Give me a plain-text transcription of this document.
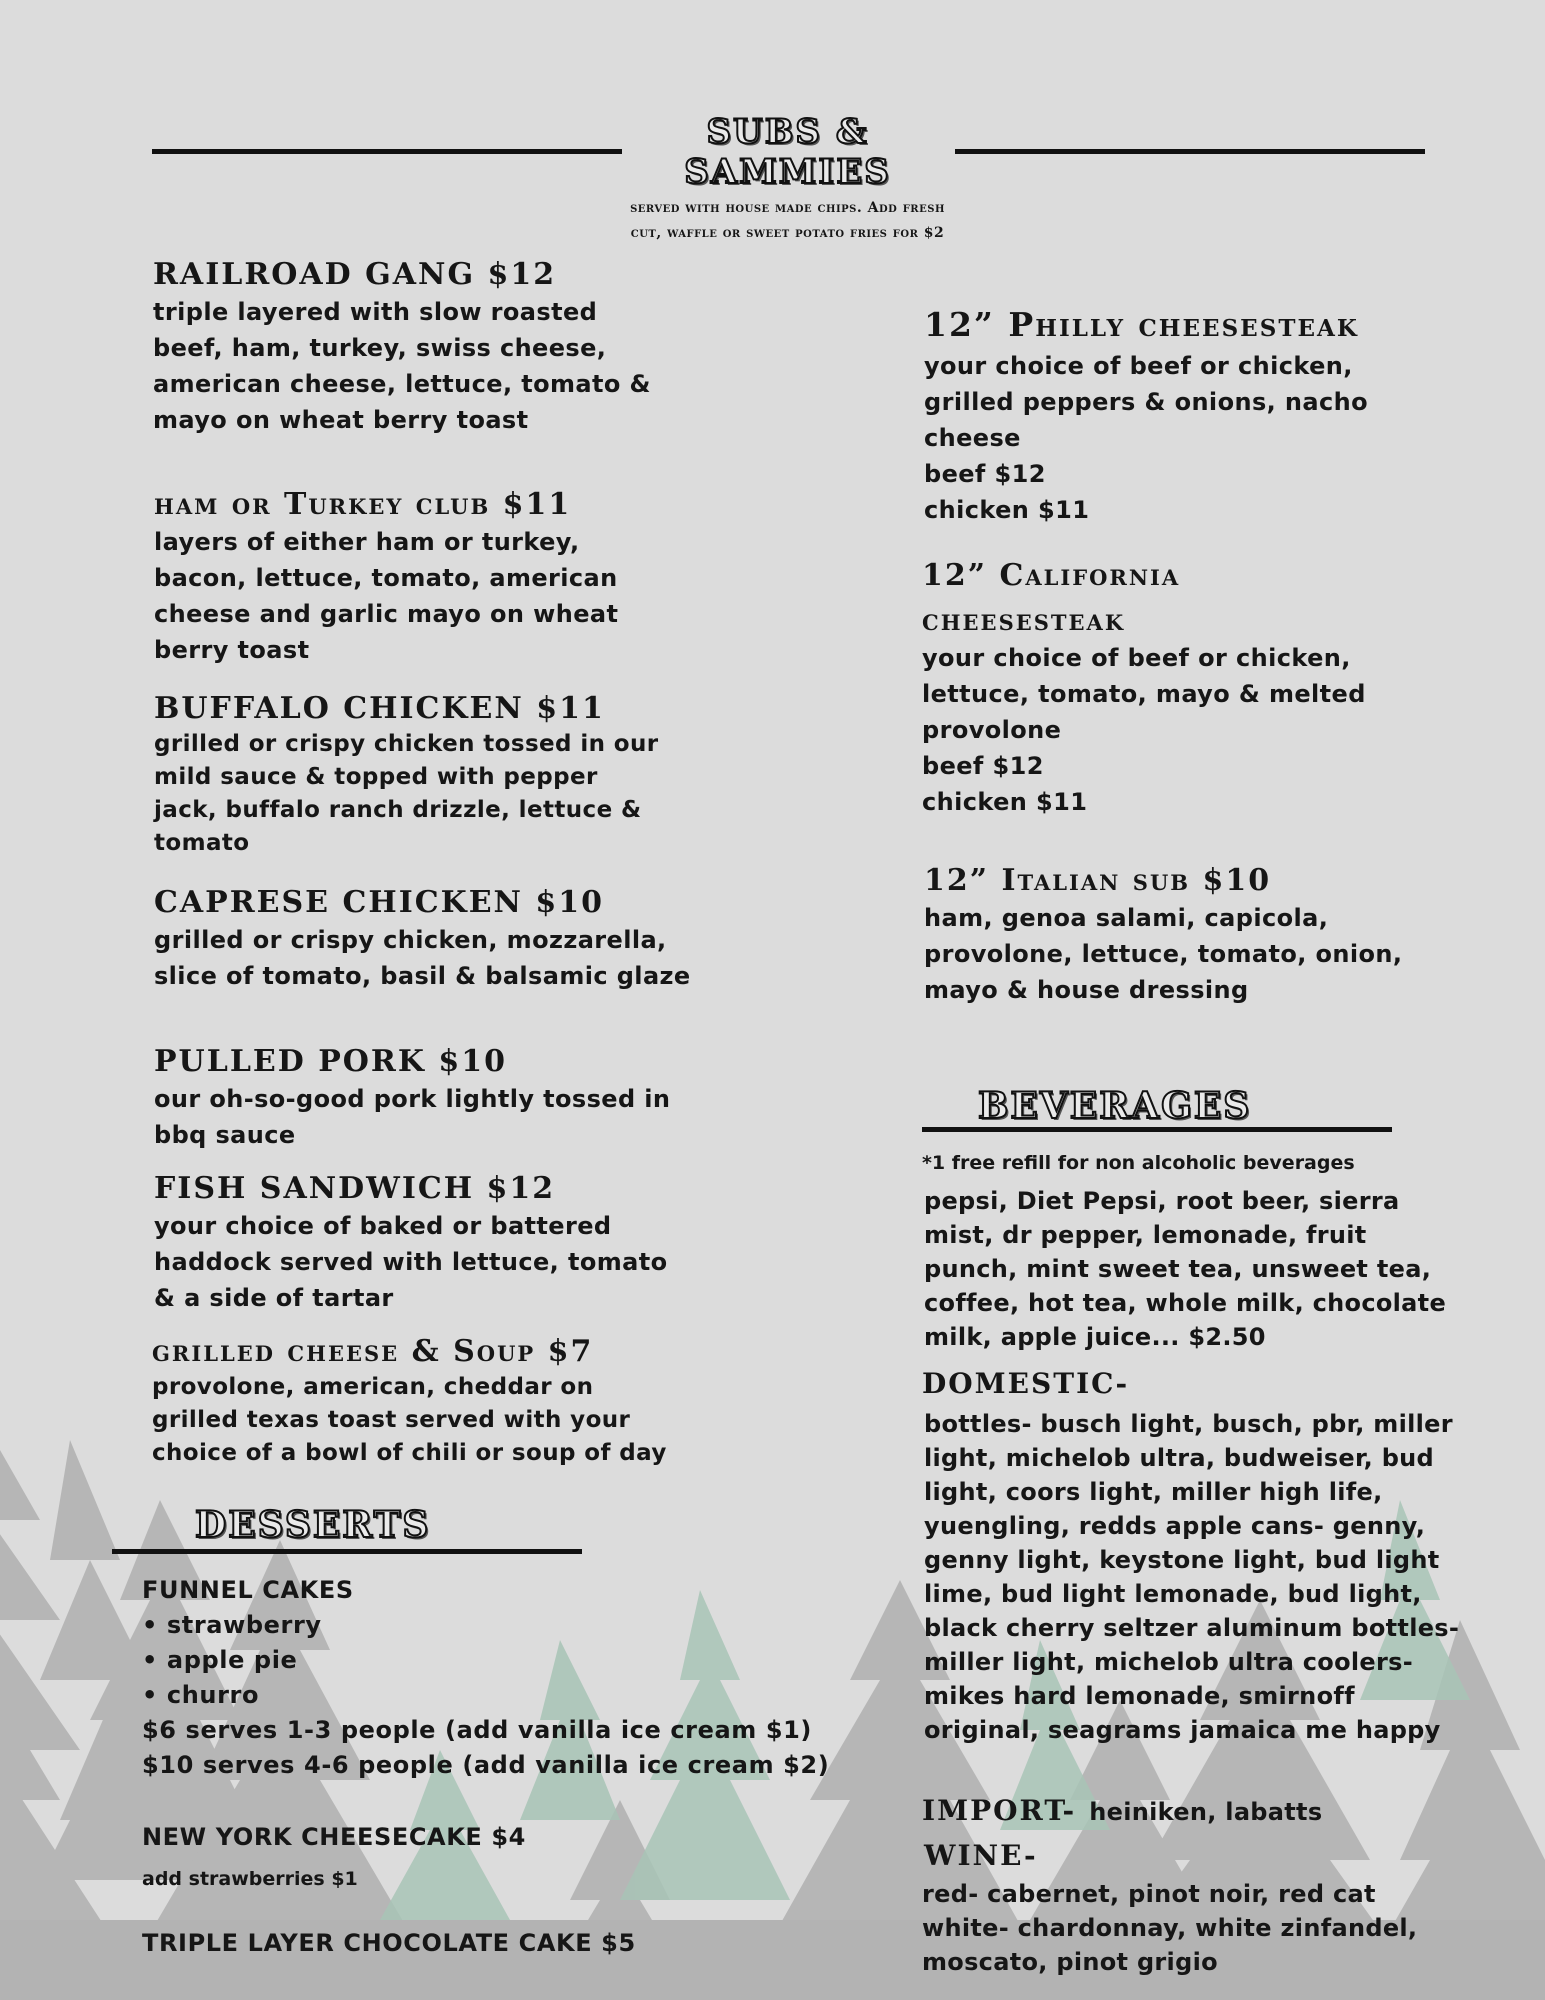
SUBS &
SAMMIES
served with house made chips. Add fresh
cut, waffle or sweet potato fries for $2
RAILROAD GANG $12
triple layered with slow roasted beef, ham, turkey, swiss cheese, american cheese, lettuce, tomato & mayo on wheat berry toast
ham or Turkey club $11
layers of either ham or turkey, bacon, lettuce, tomato, american cheese and garlic mayo on wheat berry toast
BUFFALO CHICKEN $11
grilled or crispy chicken tossed in our mild sauce & topped with pepper jack, buffalo ranch drizzle, lettuce & tomato
CAPRESE CHICKEN $10
grilled or crispy chicken, mozzarella, slice of tomato, basil & balsamic glaze
PULLED PORK $10
our oh-so-good pork lightly tossed in bbq sauce
FISH SANDWICH $12
your choice of baked or battered haddock served with lettuce, tomato & a side of tartar
grilled cheese & Soup $7
provolone, american, cheddar on grilled texas toast served with your choice of a bowl of chili or soup of day
DESSERTS
FUNNEL CAKES
• strawberry
• apple pie
• churro
$6 serves 1-3 people (add vanilla ice cream $1)
$10 serves 4-6 people (add vanilla ice cream $2)
NEW YORK CHEESECAKE $4
add strawberries $1
TRIPLE LAYER CHOCOLATE CAKE $5
12” Philly cheesesteak
your choice of beef or chicken, grilled peppers & onions, nacho cheese
beef $12
chicken $11
12” California
cheesesteak
your choice of beef or chicken, lettuce, tomato, mayo & melted provolone
beef $12
chicken $11
12” Italian sub $10
ham, genoa salami, capicola, provolone, lettuce, tomato, onion, mayo & house dressing
BEVERAGES
*1 free refill for non alcoholic beverages
pepsi, Diet Pepsi, root beer, sierra mist, dr pepper, lemonade, fruit punch, mint sweet tea, unsweet tea, coffee, hot tea, whole milk, chocolate milk, apple juice... $2.50
DOMESTIC-
bottles- busch light, busch, pbr, miller light, michelob ultra, budweiser, bud light, coors light, miller high life, yuengling, redds apple cans- genny, genny light, keystone light, bud light lime, bud light lemonade, bud light, black cherry seltzer aluminum bottles-miller light, michelob ultra coolers- mikes hard lemonade, smirnoff original, seagrams jamaica me happy
IMPORT- heiniken, labatts
WINE-
red- cabernet, pinot noir, red cat
white- chardonnay, white zinfandel, moscato, pinot grigio
